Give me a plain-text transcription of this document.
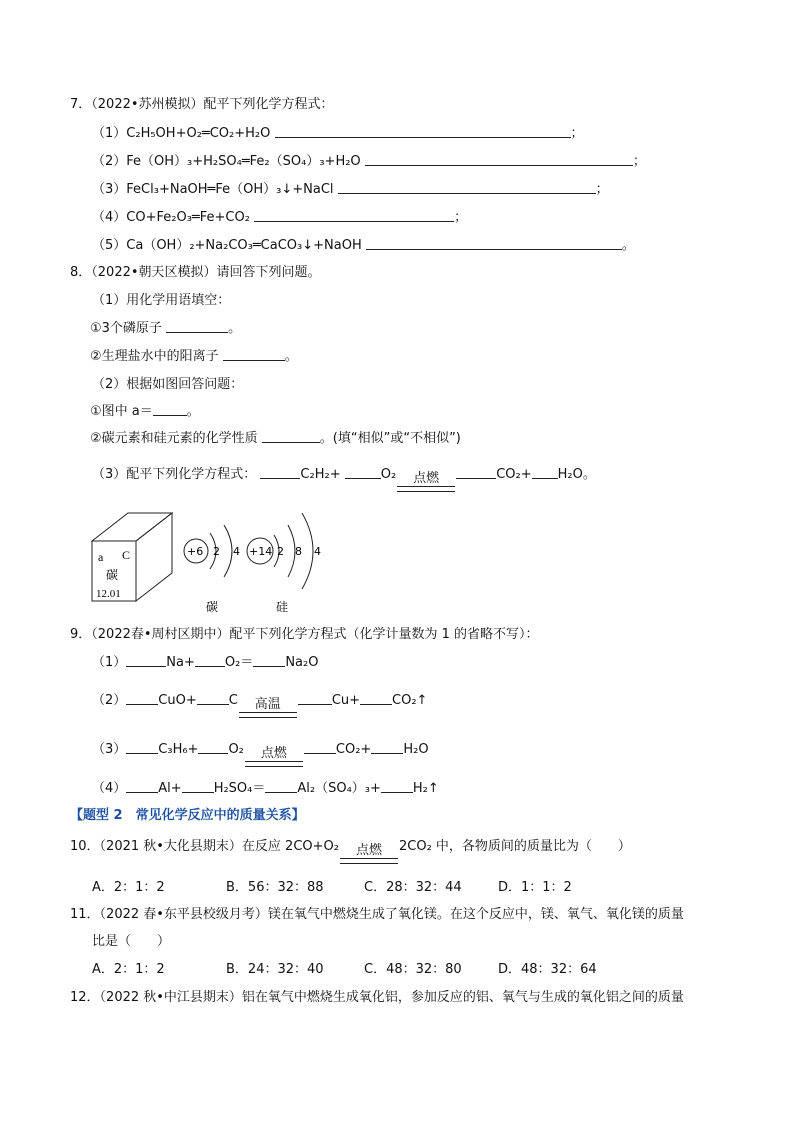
7．（2022•苏州模拟）配平下列化学方程式：
（1）C₂H₅OH+O₂═CO₂+H₂O	；
（2）Fe（OH）₃+H₂SO₄═Fe₂（SO₄）₃+H₂O	；
（3）FeCl₃+NaOH═Fe（OH）₃↓+NaCl	；
（4）CO+Fe₂O₃═Fe+CO₂	；
（5）Ca（OH）₂+Na₂CO₃═CaCO₃↓+NaOH	。
8．（2022•朝天区模拟）请回答下列问题。
（1）用化学用语填空：
①3个磷原子	。
②生理盐水中的阳离子	。
（2）根据如图回答问题：
①图中 a＝	。
②碳元素和硅元素的化学性质	。(填“相似”或“不相似”)
（3）配平下列化学方程式：	C₂H₂+	O₂ 点燃	CO₂+ H₂O。
a C
碳
12.01
+6 2 4
碳
+14 2 8 4
硅
9．（2022春•周村区期中）配平下列化学方程式（化学计量数为 1 的省略不写）：
（1）	Na+ O₂＝ Na₂O
（2） CuO+ C 高温	Cu+ CO₂↑
（3） C₃H₆+ O₂ 点燃	CO₂+ H₂O
（4） Al+ H₂SO₄＝ Al₂（SO₄）₃+ H₂↑
【题型 2　常见化学反应中的质量关系】
10．（2021 秋•大化县期末）在反应 2CO+O₂ 点燃 2CO₂ 中，各物质间的质量比为（　　）
A．2：1：2	B．56：32：88	C．28：32：44	D．1：1：2
11．（2022 春•东平县校级月考）镁在氧气中燃烧生成了氧化镁。在这个反应中，镁、氧气、氧化镁的质量
比是（　　）
A．2：1：2	B．24：32：40	C．48：32：80	D．48：32：64
12．（2022 秋•中江县期末）铝在氧气中燃烧生成氧化铝，参加反应的铝、氧气与生成的氧化铝之间的质量
